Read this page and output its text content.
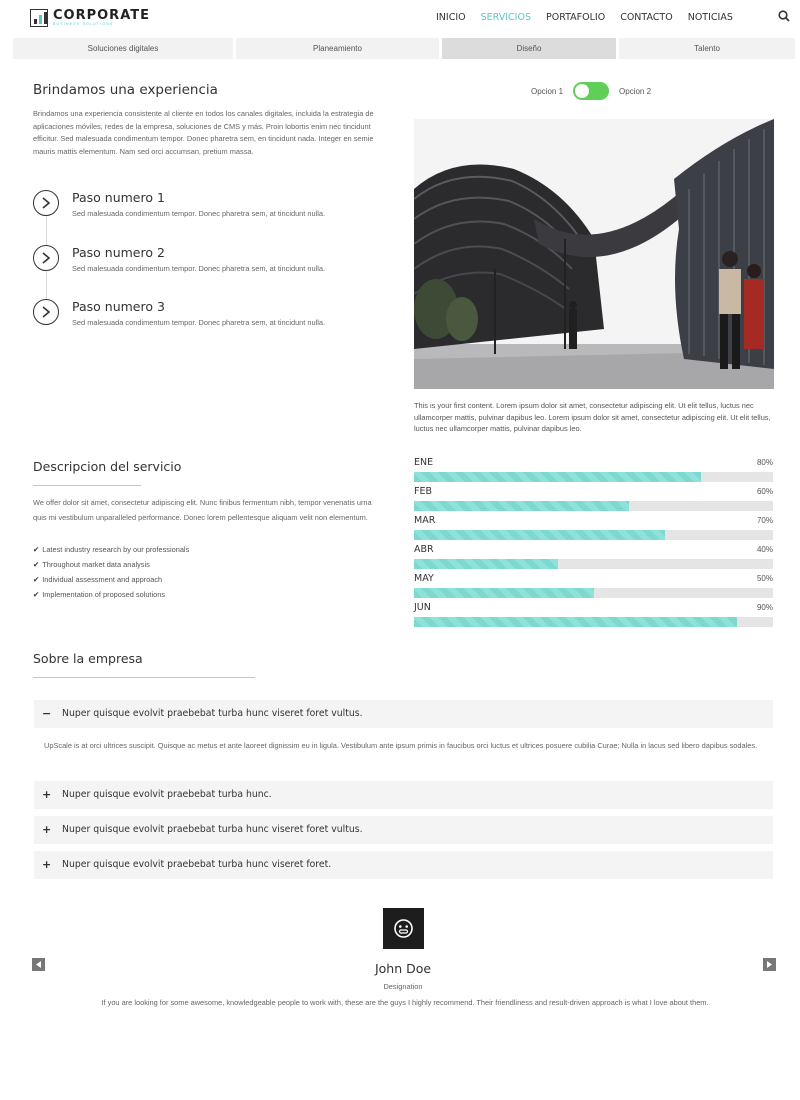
CORPORATE
BUSINESS SOLUTIONS
INICIO SERVICIOS PORTAFOLIO CONTACTO NOTICIAS
Soluciones digitales	Planeamiento	Diseño	Talento
Brindamos una experiencia
Brindamos una experiencia consistente al cliente en todos los canales digitales, incluida la estrategia de aplicaciones móviles, redes de la empresa, soluciones de CMS y más. Proin lobortis enim nec tincidunt efficitur. Sed malesuada condimentum tempor. Donec pharetra sem, en tincidunt nada. Integer en semie mauris mattis elementum. Nam sed orci accumsan, pretium massa.
Opcion 1	Opcion 2
Paso numero 1
Sed malesuada condimentum tempor. Donec pharetra sem, at tincidunt nulla.
Paso numero 2
Sed malesuada condimentum tempor. Donec pharetra sem, at tincidunt nulla.
Paso numero 3
Sed malesuada condimentum tempor. Donec pharetra sem, at tincidunt nulla.
This is your first content. Lorem ipsum dolor sit amet, consectetur adipiscing elit. Ut elit tellus, luctus nec ullamcorper mattis, pulvinar dapibus leo. Lorem ipsum dolor sit amet, consectetur adipiscing elit. Ut elit tellus, luctus nec ullamcorper mattis, pulvinar dapibus leo.
Descripcion del servicio
We offer dolor sit amet, consectetur adipiscing elit. Nunc finibus fermentum nibh, tempor venenatis urna quis mi vestibulum unparalleled performance. Donec lorem pellentesque aliquam velit non elementum.
✔ Latest industry research by our professionals
✔ Throughout market data analysis
✔ Individual assessment and approach
✔ Implementation of proposed solutions
ENE	80%
FEB	60%
MAR	70%
ABR	40%
MAY	50%
JUN	90%
Sobre la empresa
− Nuper quisque evolvit praebebat turba hunc viseret foret vultus.
UpScale is at orci ultrices suscipit. Quisque ac metus et ante laoreet dignissim eu in ligula. Vestibulum ante ipsum primis in faucibus orci luctus et ultrices posuere cubilia Curae; Nulla in lacus sed libero dapibus sodales.
+ Nuper quisque evolvit praebebat turba hunc.
+ Nuper quisque evolvit praebebat turba hunc viseret foret vultus.
+ Nuper quisque evolvit praebebat turba hunc viseret foret.
John Doe
Designation
If you are looking for some awesome, knowledgeable people to work with, these are the guys I highly recommend. Their friendliness and result-driven approach is what I love about them.
